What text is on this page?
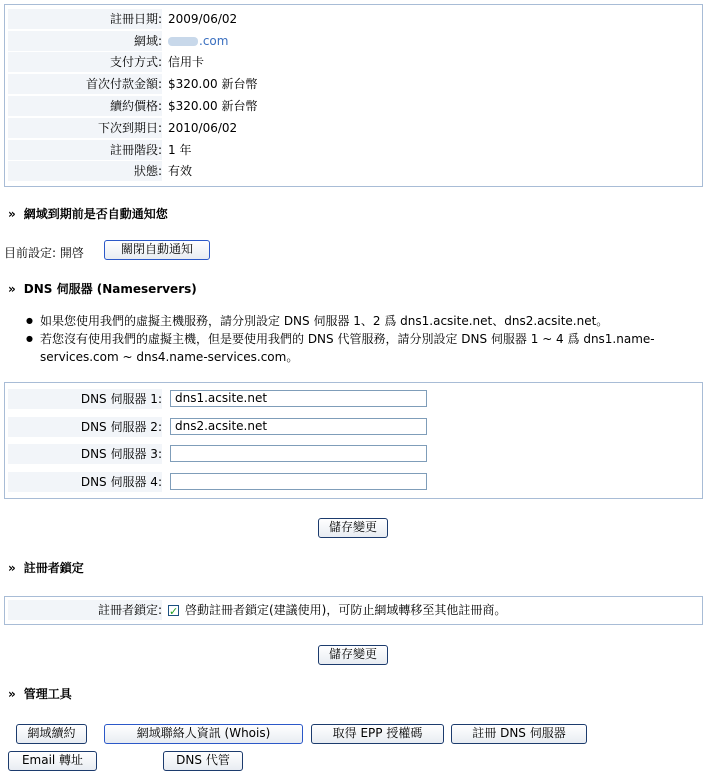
註冊日期: 2009/06/02
網域:	.com
支付方式: 信用卡
首次付款金額: $320.00 新台幣
續約價格: $320.00 新台幣
下次到期日: 2010/06/02
註冊階段: 1 年
狀態: 有效
» 網域到期前是否自動通知您
目前設定: 開啓	關閉自動通知
» DNS 伺服器 (Nameservers)
● 如果您使用我們的虛擬主機服務，請分別設定 DNS 伺服器 1、2 爲 dns1.acsite.net、dns2.acsite.net。
● 若您沒有使用我們的虛擬主機，但是要使用我們的 DNS 代管服務，請分別設定 DNS 伺服器 1 ~ 4 爲 dns1.name-services.com ~ dns4.name-services.com。
DNS 伺服器 1:	dns1.acsite.net
DNS 伺服器 2:	dns2.acsite.net
DNS 伺服器 3:
DNS 伺服器 4:
儲存變更
» 註冊者鎖定
註冊者鎖定:
✓	啓動註冊者鎖定(建議使用)，可防止網域轉移至其他註冊商。
儲存變更
» 管理工具
網域續約	網域聯絡人資訊 (Whois)	取得 EPP 授權碼	註冊 DNS 伺服器
Email 轉址	DNS 代管
